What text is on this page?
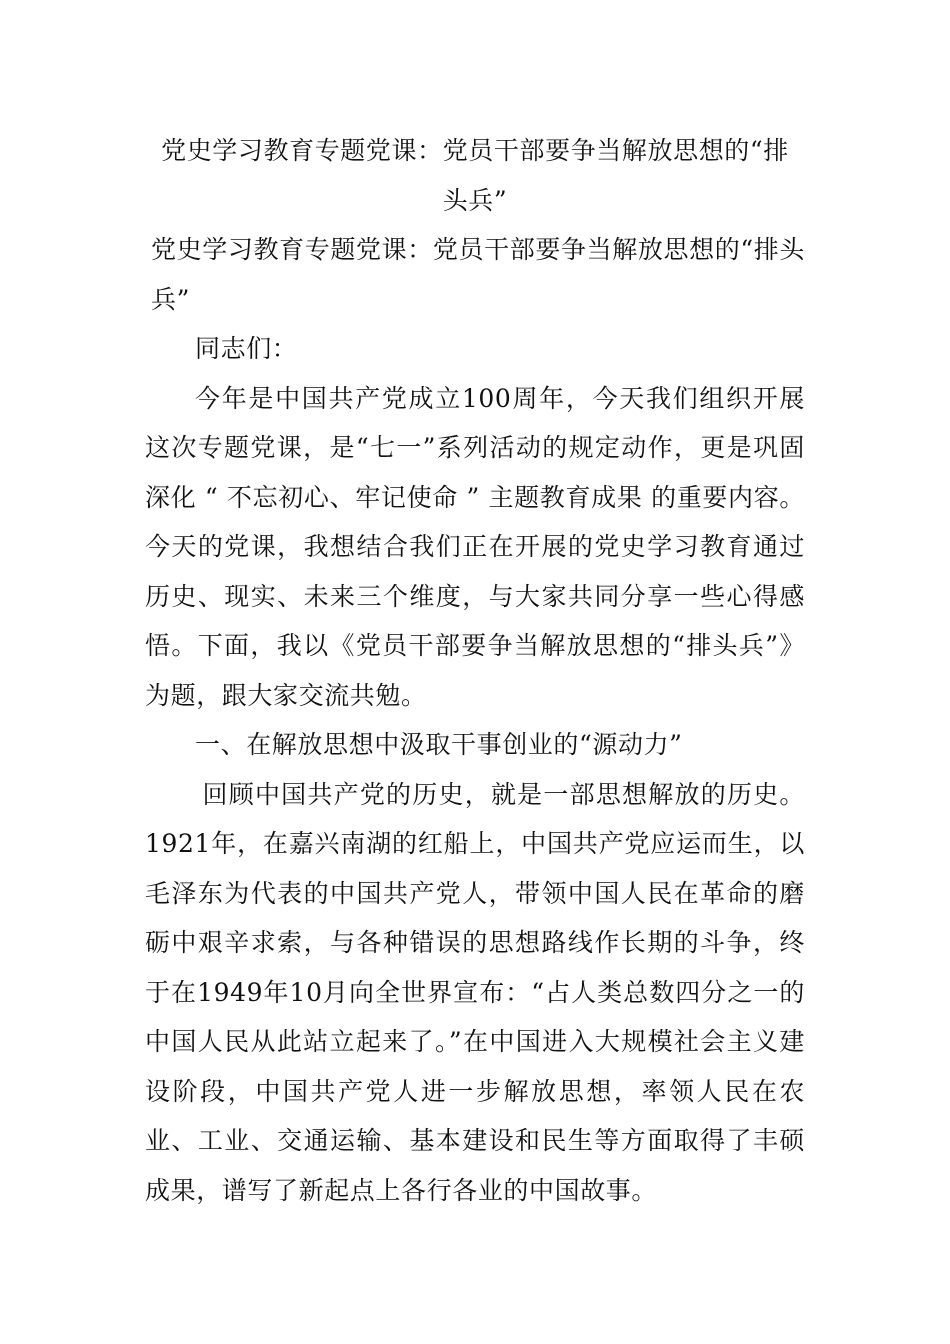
党史学习教育专题党课：党员干部要争当解放思想的“排头兵”

党史学习教育专题党课：党员干部要争当解放思想的“排头兵”

同志们：

今年是中国共产党成立100周年，今天我们组织开展这次专题党课，是“七一”系列活动的规定动作，更是巩固深化 “ 不忘初心、牢记使命 ” 主题教育成果 的重要内容。今天的党课，我想结合我们正在开展的党史学习教育通过历史、现实、未来三个维度，与大家共同分享一些心得感悟。下面，我以《党员干部要争当解放思想的“排头兵”》为题，跟大家交流共勉。

一、在解放思想中汲取干事创业的“源动力”

回顾中国共产党的历史，就是一部思想解放的历史。1921年，在嘉兴南湖的红船上，中国共产党应运而生，以毛泽东为代表的中国共产党人，带领中国人民在革命的磨砺中艰辛求索，与各种错误的思想路线作长期的斗争，终于在1949年10月向全世界宣布：“占人类总数四分之一的中国人民从此站立起来了。”在中国进入大规模社会主义建设阶段，中国共产党人进一步解放思想，率领人民在农业、工业、交通运输、基本建设和民生等方面取得了丰硕成果，谱写了新起点上各行各业的中国故事。
